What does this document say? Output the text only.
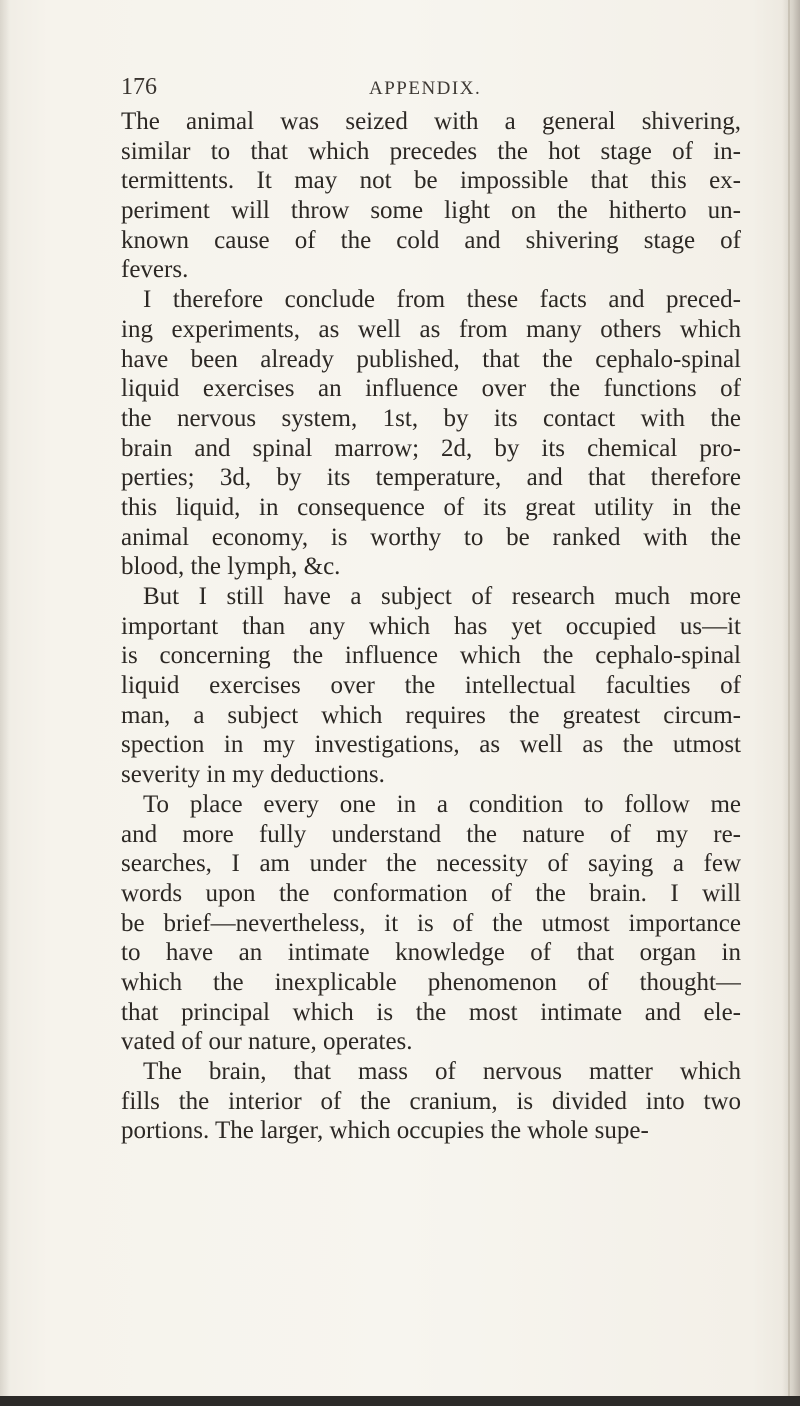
176	APPENDIX.
The animal was seized with a general shivering,
similar to that which precedes the hot stage of in-
termittents. It may not be impossible that this ex-
periment will throw some light on the hitherto un-
known cause of the cold and shivering stage of
fevers.
I therefore conclude from these facts and preced-
ing experiments, as well as from many others which
have been already published, that the cephalo-spinal
liquid exercises an influence over the functions of
the nervous system, 1st, by its contact with the
brain and spinal marrow; 2d, by its chemical pro-
perties; 3d, by its temperature, and that therefore
this liquid, in consequence of its great utility in the
animal economy, is worthy to be ranked with the
blood, the lymph, &c.
But I still have a subject of research much more
important than any which has yet occupied us—it
is concerning the influence which the cephalo-spinal
liquid exercises over the intellectual faculties of
man, a subject which requires the greatest circum-
spection in my investigations, as well as the utmost
severity in my deductions.
To place every one in a condition to follow me
and more fully understand the nature of my re-
searches, I am under the necessity of saying a few
words upon the conformation of the brain. I will
be brief—nevertheless, it is of the utmost importance
to have an intimate knowledge of that organ in
which the inexplicable phenomenon of thought—
that principal which is the most intimate and ele-
vated of our nature, operates.
The brain, that mass of nervous matter which
fills the interior of the cranium, is divided into two
portions. The larger, which occupies the whole supe-
